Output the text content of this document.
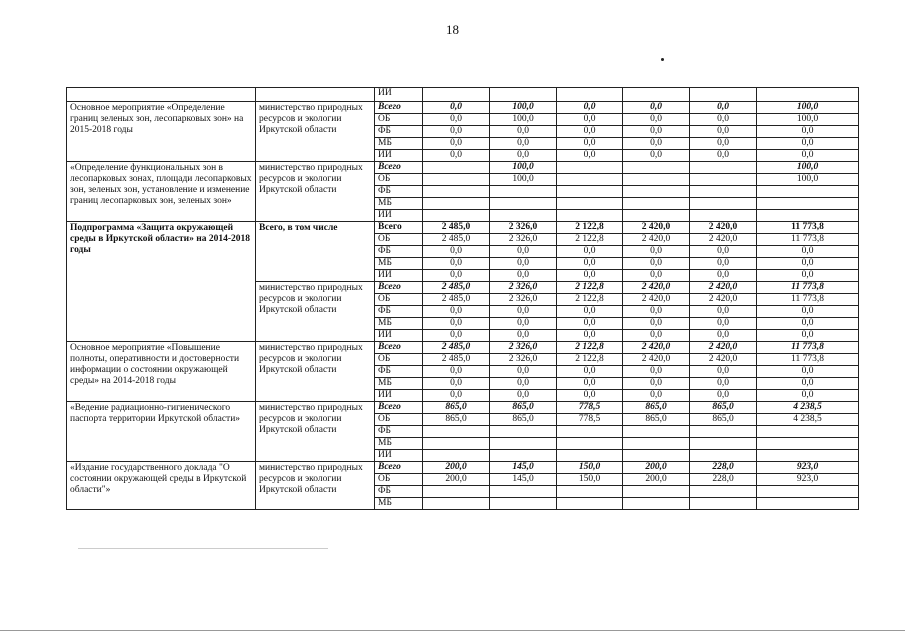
18
		ИИ						
Основное мероприятие «Определение границ зеленых зон, лесопарковых зон» на 2015-2018 годы	министерство природных ресурсов и экологии Иркутской области	Всего	0,0	100,0	0,0	0,0	0,0	100,0
		ОБ	0,0	100,0	0,0	0,0	0,0	100,0
		ФБ	0,0	0,0	0,0	0,0	0,0	0,0
		МБ	0,0	0,0	0,0	0,0	0,0	0,0
		ИИ	0,0	0,0	0,0	0,0	0,0	0,0
«Определение функциональных зон в лесопарковых зонах, площади лесопарковых зон, зеленых зон, установление и изменение границ лесопарковых зон, зеленых зон»	министерство природных ресурсов и экологии Иркутской области	Всего		100,0				100,0
		ОБ		100,0				100,0
		ФБ						
		МБ						
		ИИ						
Подпрограмма «Защита окружающей среды в Иркутской области» на 2014-2018 годы	Всего, в том числе	Всего	2 485,0	2 326,0	2 122,8	2 420,0	2 420,0	11 773,8
		ОБ	2 485,0	2 326,0	2 122,8	2 420,0	2 420,0	11 773,8
		ФБ	0,0	0,0	0,0	0,0	0,0	0,0
		МБ	0,0	0,0	0,0	0,0	0,0	0,0
		ИИ	0,0	0,0	0,0	0,0	0,0	0,0
	министерство природных ресурсов и экологии Иркутской области	Всего	2 485,0	2 326,0	2 122,8	2 420,0	2 420,0	11 773,8
		ОБ	2 485,0	2 326,0	2 122,8	2 420,0	2 420,0	11 773,8
		ФБ	0,0	0,0	0,0	0,0	0,0	0,0
		МБ	0,0	0,0	0,0	0,0	0,0	0,0
		ИИ	0,0	0,0	0,0	0,0	0,0	0,0
Основное мероприятие «Повышение полноты, оперативности и достоверности информации о состоянии окружающей среды» на 2014-2018 годы	министерство природных ресурсов и экологии Иркутской области	Всего	2 485,0	2 326,0	2 122,8	2 420,0	2 420,0	11 773,8
		ОБ	2 485,0	2 326,0	2 122,8	2 420,0	2 420,0	11 773,8
		ФБ	0,0	0,0	0,0	0,0	0,0	0,0
		МБ	0,0	0,0	0,0	0,0	0,0	0,0
		ИИ	0,0	0,0	0,0	0,0	0,0	0,0
«Ведение радиационно-гигиенического паспорта территории Иркутской области»	министерство природных ресурсов и экологии Иркутской области	Всего	865,0	865,0	778,5	865,0	865,0	4 238,5
		ОБ	865,0	865,0	778,5	865,0	865,0	4 238,5
		ФБ						
		МБ						
		ИИ						
«Издание государственного доклада "О состоянии окружающей среды в Иркутской области"»	министерство природных ресурсов и экологии Иркутской области	Всего	200,0	145,0	150,0	200,0	228,0	923,0
		ОБ	200,0	145,0	150,0	200,0	228,0	923,0
		ФБ						
		МБ						
